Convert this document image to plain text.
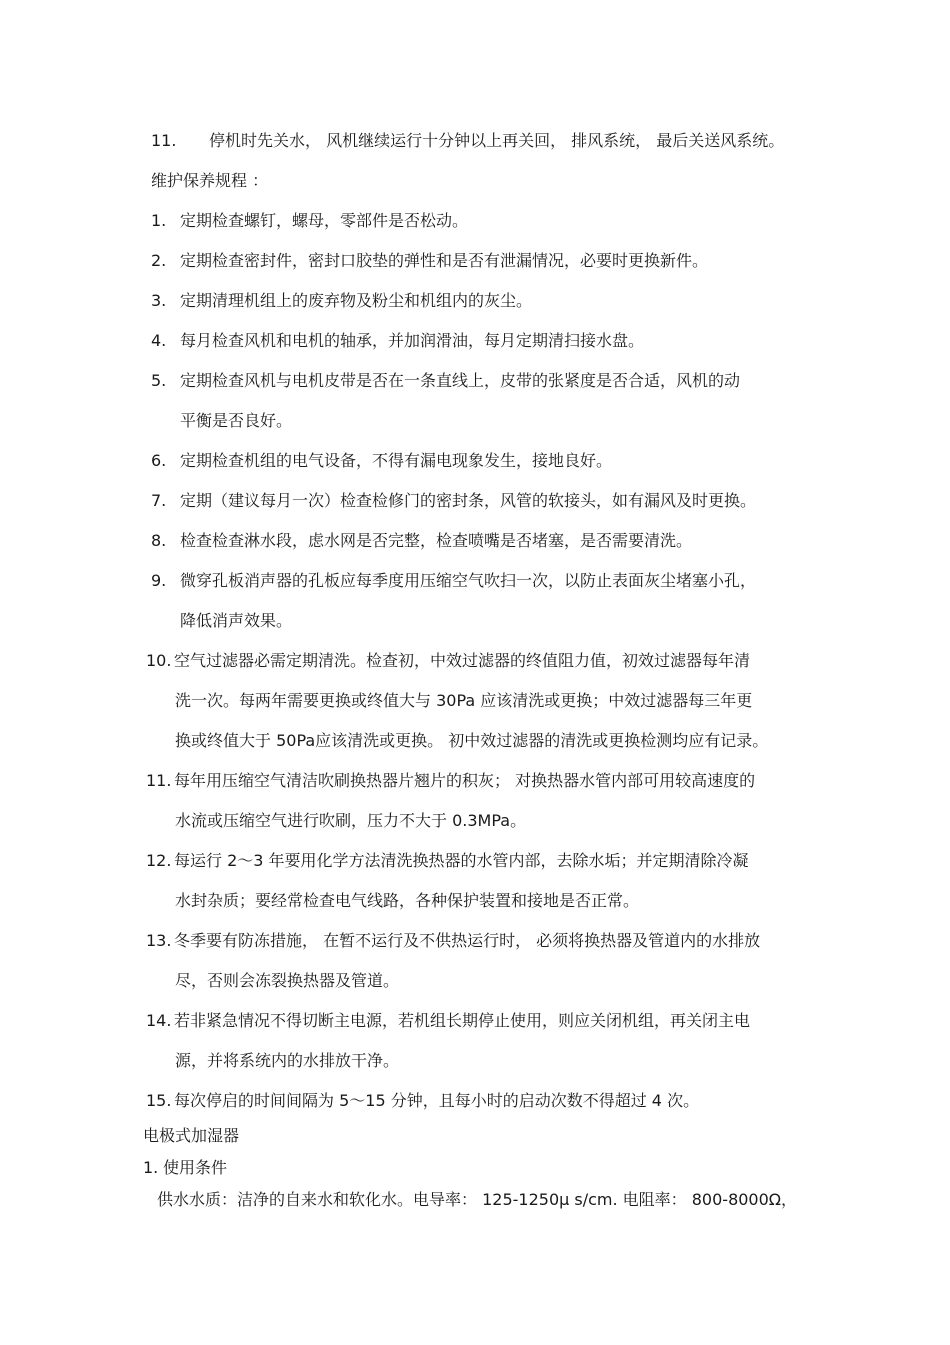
11. 停机时先关水， 风机继续运行十分钟以上再关回， 排风系统， 最后关送风系统。
维护保养规程 ：
1. 定期检查螺钉，螺母，零部件是否松动。
2. 定期检查密封件，密封口胶垫的弹性和是否有泄漏情况，必要时更换新件。
3. 定期清理机组上的废弃物及粉尘和机组内的灰尘。
4. 每月检查风机和电机的轴承，并加润滑油，每月定期清扫接水盘。
5. 定期检查风机与电机皮带是否在一条直线上，皮带的张紧度是否合适，风机的动
平衡是否良好。
6. 定期检查机组的电气设备，不得有漏电现象发生，接地良好。
7. 定期（建议每月一次）检查检修门的密封条，风管的软接头，如有漏风及时更换。
8. 检查检查淋水段，虑水网是否完整，检查喷嘴是否堵塞，是否需要清洗。
9. 微穿孔板消声器的孔板应每季度用压缩空气吹扫一次，以防止表面灰尘堵塞小孔，
降低消声效果。
10. 空气过滤器必需定期清洗。检查初，中效过滤器的终值阻力值，初效过滤器每年清
洗一次。每两年需要更换或终值大与 30Pa 应该清洗或更换；中效过滤器每三年更
换或终值大于 50Pa应该清洗或更换。 初中效过滤器的清洗或更换检测均应有记录。
11. 每年用压缩空气清洁吹刷换热器片翘片的积灰； 对换热器水管内部可用较高速度的
水流或压缩空气进行吹刷，压力不大于 0.3MPa。
12. 每运行 2～3 年要用化学方法清洗换热器的水管内部，去除水垢；并定期清除冷凝
水封杂质；要经常检查电气线路，各种保护装置和接地是否正常。
13. 冬季要有防冻措施， 在暂不运行及不供热运行时， 必须将换热器及管道内的水排放
尽，否则会冻裂换热器及管道。
14. 若非紧急情况不得切断主电源，若机组长期停止使用，则应关闭机组，再关闭主电
源，并将系统内的水排放干净。
15. 每次停启的时间间隔为 5～15 分钟，且每小时的启动次数不得超过 4 次。
电极式加湿器
1. 使用条件
供水水质：洁净的自来水和软化水。电导率： 125-1250μ s/cm. 电阻率： 800-8000Ω，
